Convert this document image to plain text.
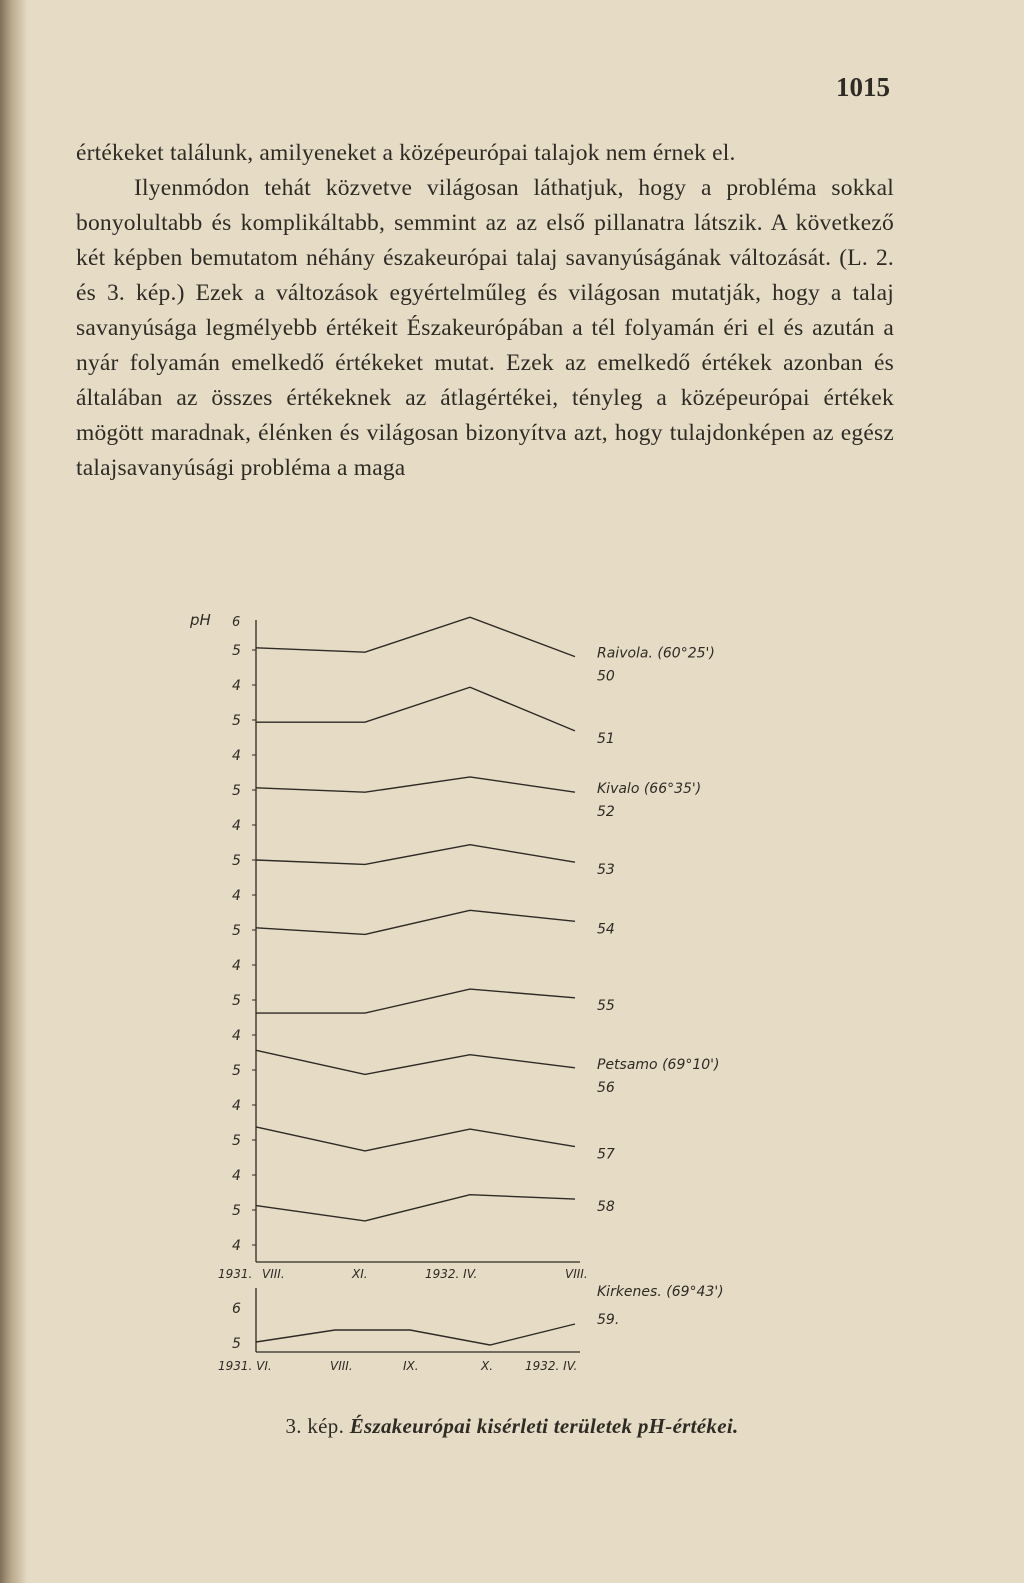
1015

értékeket találunk, amilyeneket a középeurópai talajok nem érnek el.

Ilyenmódon tehát közvetve világosan láthatjuk, hogy a probléma sokkal bonyolultabb és komplikáltabb, semmint az az első pillanatra látszik. A következő két képben bemutatom néhány északeurópai talaj savanyúságának változását. (L. 2. és 3. kép.) Ezek a változások egyértelműleg és világosan mutatják, hogy a talaj savanyúsága legmélyebb értékeit Északeurópában a tél folyamán éri el és azután a nyár folyamán emelkedő értékeket mutat. Ezek az emelkedő értékek azonban és általában az összes értékeknek az átlagértékei, tényleg a középeurópai értékek mögött maradnak, élénken és világosan bizonyítva azt, hogy tulajdonképen az egész talajsavanyúsági probléma a maga

pH 6
5
4
Raivola. (60°25')
50
5
4
51
5
4
Kivalo (66°35')
52
5
4
53
5
4
54
5
4
55
5
4
Petsamo (69°10')
56
5
4
57
5
4
58
1931. VIII.	XI.	1932. IV.	VIII.
6
5
Kirkenes. (69°43')
59.
1931. VI.	VIII.	IX.	X.	1932. IV.
3. kép. Északeurópai kisérleti területek pH-értékei.
